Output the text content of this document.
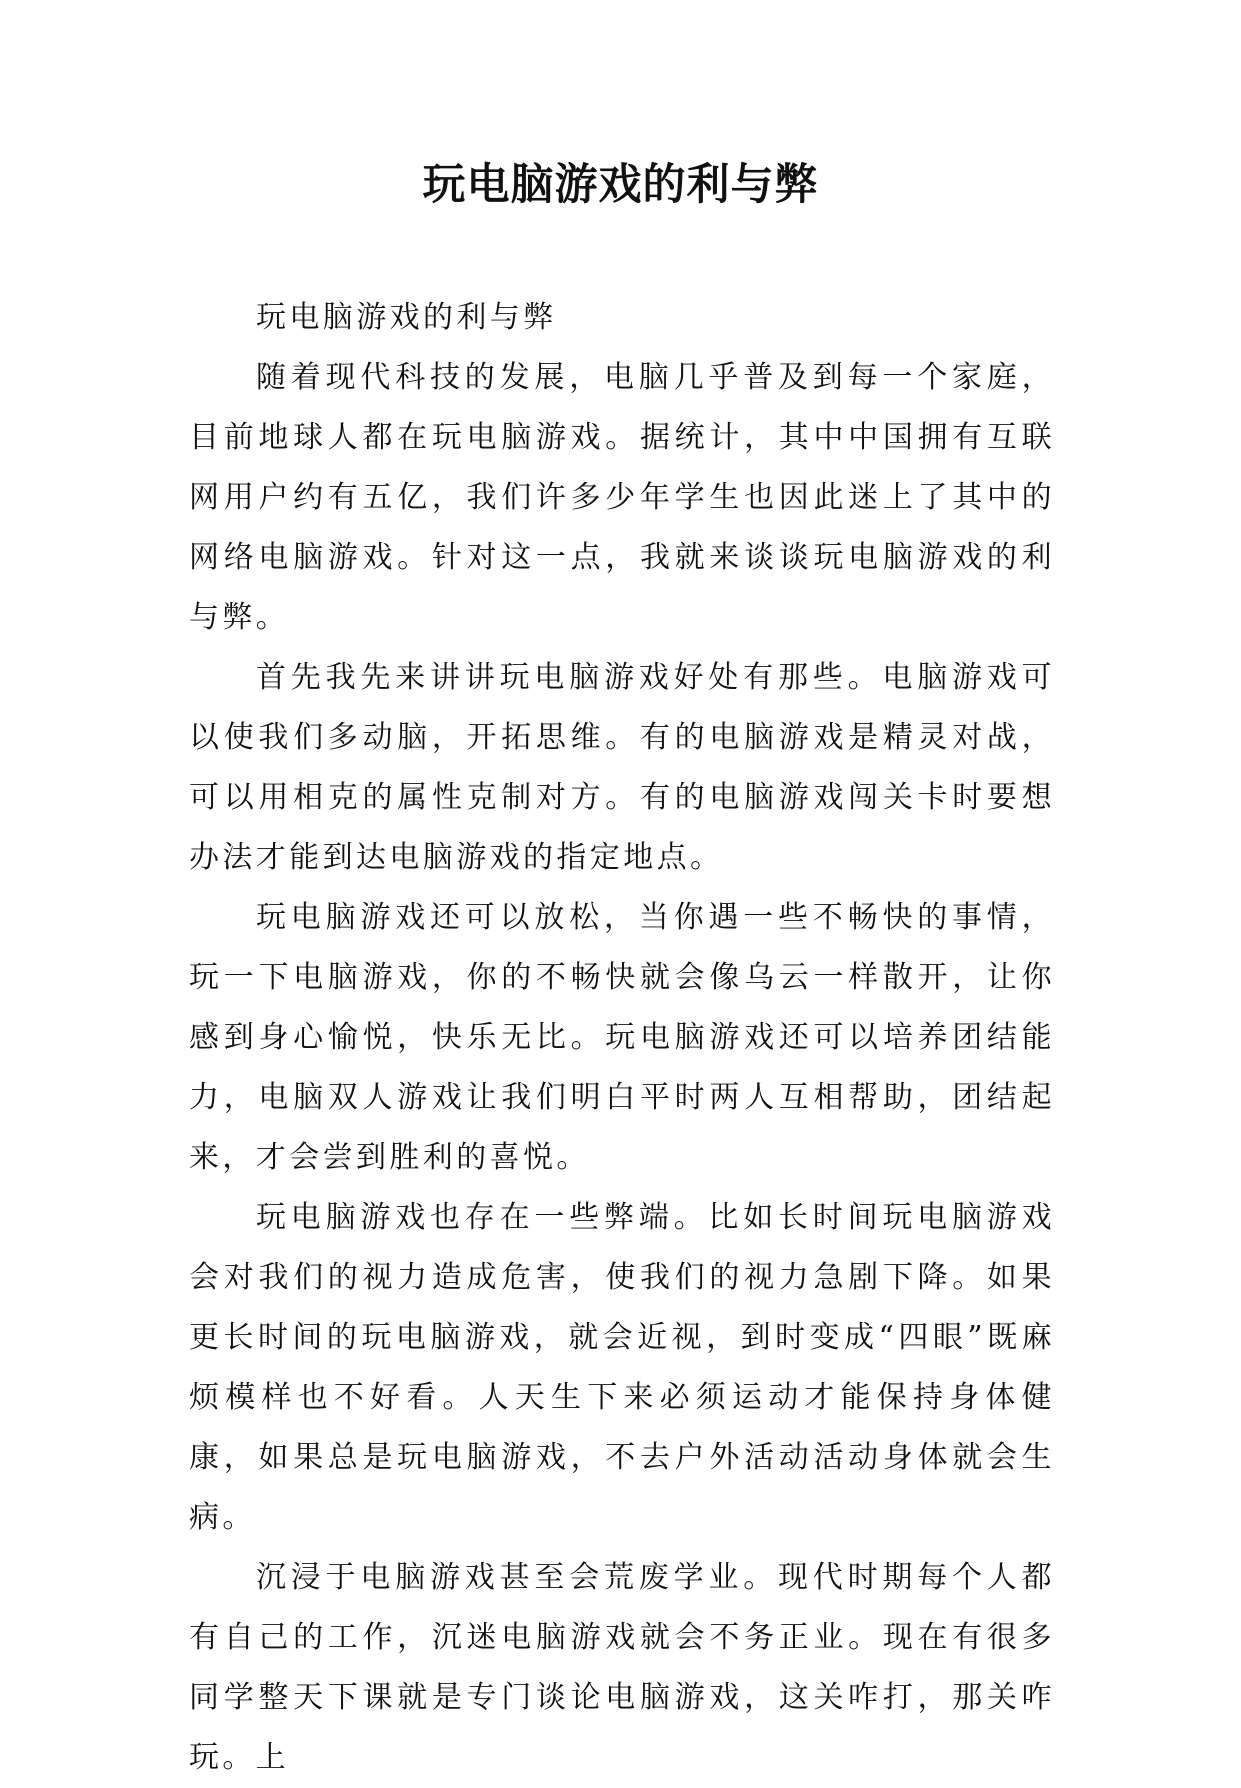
玩电脑游戏的利与弊

玩电脑游戏的利与弊

随着现代科技的发展，电脑几乎普及到每一个家庭，目前地球人都在玩电脑游戏。据统计，其中中国拥有互联网用户约有五亿，我们许多少年学生也因此迷上了其中的网络电脑游戏。针对这一点，我就来谈谈玩电脑游戏的利与弊。

首先我先来讲讲玩电脑游戏好处有那些。电脑游戏可以使我们多动脑，开拓思维。有的电脑游戏是精灵对战，可以用相克的属性克制对方。有的电脑游戏闯关卡时要想办法才能到达电脑游戏的指定地点。

玩电脑游戏还可以放松，当你遇一些不畅快的事情，玩一下电脑游戏，你的不畅快就会像乌云一样散开，让你感到身心愉悦，快乐无比。玩电脑游戏还可以培养团结能力，电脑双人游戏让我们明白平时两人互相帮助，团结起来，才会尝到胜利的喜悦。

玩电脑游戏也存在一些弊端。比如长时间玩电脑游戏会对我们的视力造成危害，使我们的视力急剧下降。如果更长时间的玩电脑游戏，就会近视，到时变成“四眼”既麻烦模样也不好看。人天生下来必须运动才能保持身体健康，如果总是玩电脑游戏，不去户外活动活动身体就会生病。

沉浸于电脑游戏甚至会荒废学业。现代时期每个人都有自己的工作，沉迷电脑游戏就会不务正业。现在有很多同学整天下课就是专门谈论电脑游戏，这关咋打，那关咋玩。上
